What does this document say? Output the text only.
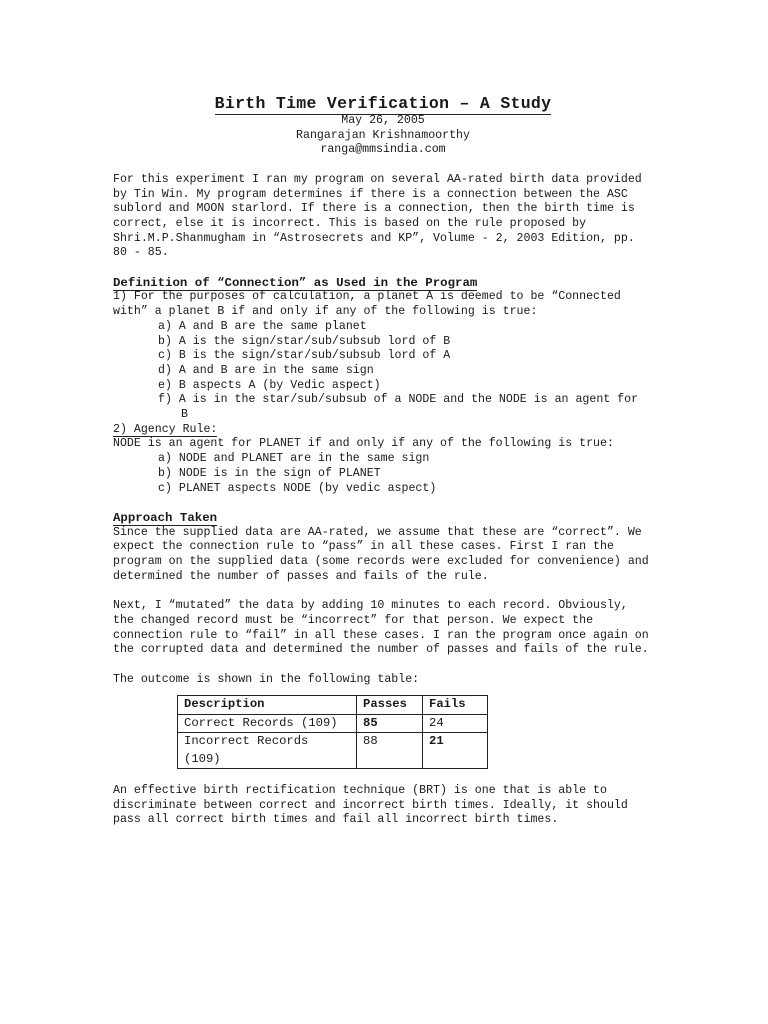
Birth Time Verification – A Study

May 26, 2005

Rangarajan Krishnamoorthy

ranga@mmsindia.com

For this experiment I ran my program on several AA-rated birth data provided by Tin Win. My program determines if there is a connection between the ASC sublord and MOON starlord. If there is a connection, then the birth time is correct, else it is incorrect. This is based on the rule proposed by Shri.M.P.Shanmugham in “Astrosecrets and KP”, Volume - 2, 2003 Edition, pp. 80 - 85.

Definition of “Connection” as Used in the Program

1) For the purposes of calculation, a planet A is deemed to be “Connected with” a planet B if and only if any of the following is true:

a) A and B are the same planet
b) A is the sign/star/sub/subsub lord of B
c) B is the sign/star/sub/subsub lord of A
d) A and B are in the same sign
e) B aspects A (by Vedic aspect)
f) A is in the star/sub/subsub of a NODE and the NODE is an agent for B

2) Agency Rule:

NODE is an agent for PLANET if and only if any of the following is true:

a) NODE and PLANET are in the same sign
b) NODE is in the sign of PLANET
c) PLANET aspects NODE (by vedic aspect)
Approach Taken

Since the supplied data are AA-rated, we assume that these are “correct”. We expect the connection rule to “pass” in all these cases. First I ran the program on the supplied data (some records were excluded for convenience) and determined the number of passes and fails of the rule.

Next, I “mutated” the data by adding 10 minutes to each record. Obviously, the changed record must be “incorrect” for that person. We expect the connection rule to “fail” in all these cases. I ran the program once again on the corrupted data and determined the number of passes and fails of the rule.

The outcome is shown in the following table:

Description	Passes	Fails
Correct Records (109)	85	24
Incorrect Records (109)	88	21

An effective birth rectification technique (BRT) is one that is able to discriminate between correct and incorrect birth times. Ideally, it should pass all correct birth times and fail all incorrect birth times.
